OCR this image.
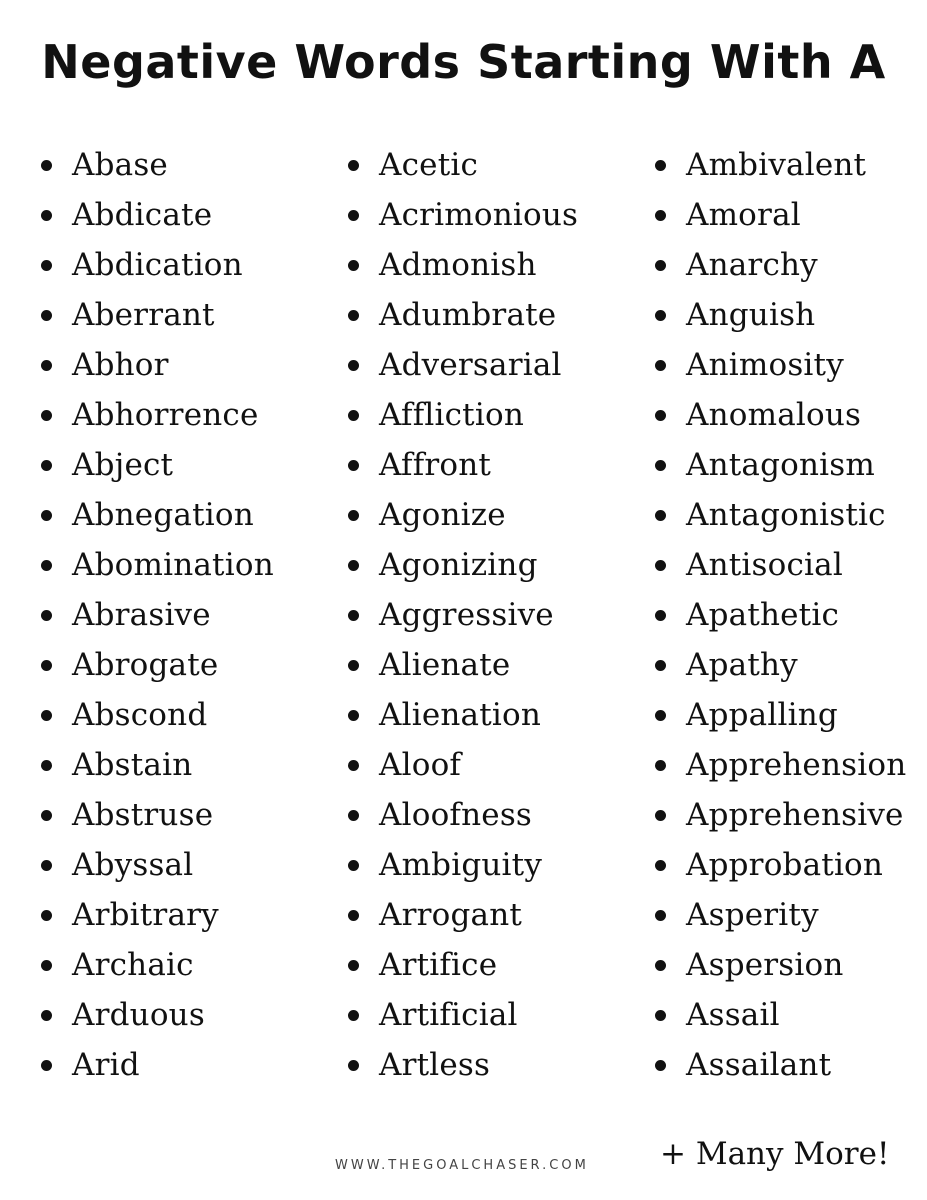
Negative Words Starting With A
Abase
Abdicate
Abdication
Aberrant
Abhor
Abhorrence
Abject
Abnegation
Abomination
Abrasive
Abrogate
Abscond
Abstain
Abstruse
Abyssal
Arbitrary
Archaic
Arduous
Arid
Acetic
Acrimonious
Admonish
Adumbrate
Adversarial
Affliction
Affront
Agonize
Agonizing
Aggressive
Alienate
Alienation
Aloof
Aloofness
Ambiguity
Arrogant
Artifice
Artificial
Artless
Ambivalent
Amoral
Anarchy
Anguish
Animosity
Anomalous
Antagonism
Antagonistic
Antisocial
Apathetic
Apathy
Appalling
Apprehension
Apprehensive
Approbation
Asperity
Aspersion
Assail
Assailant
WWW.THEGOALCHASER.COM + Many More!
